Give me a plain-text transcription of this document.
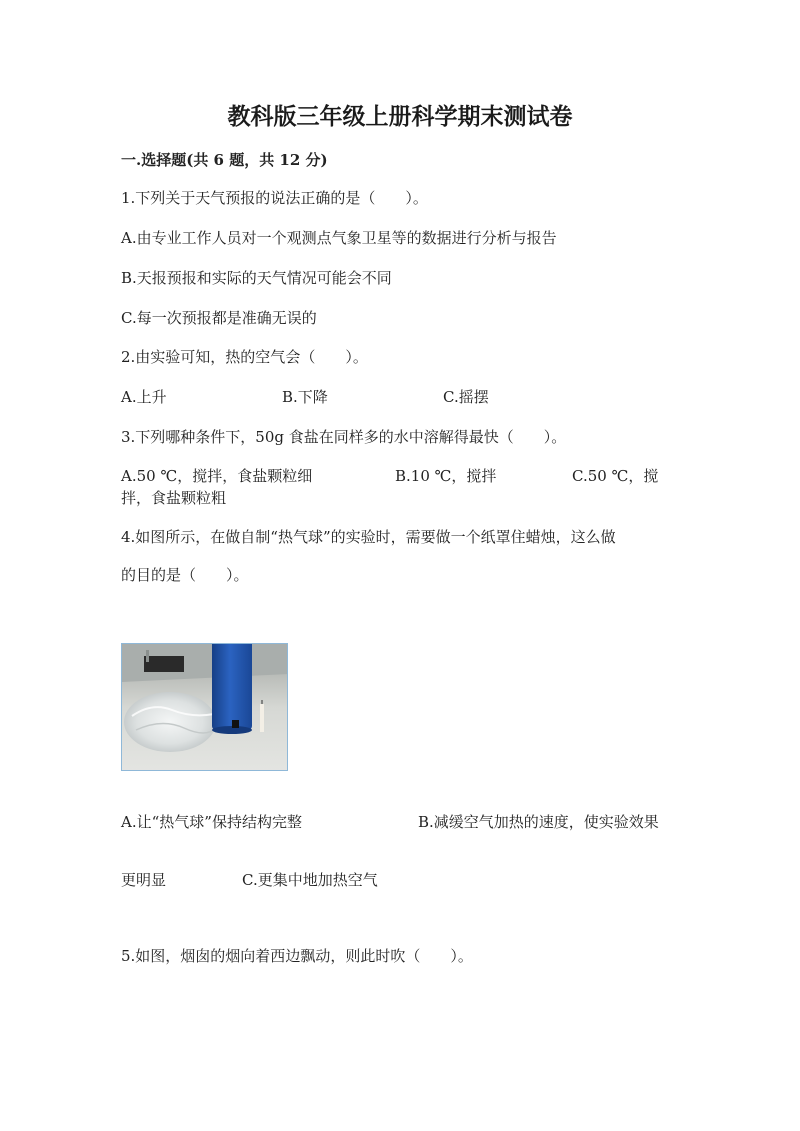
教科版三年级上册科学期末测试卷
一.选择题(共 6 题，共 12 分)
1.下列关于天气预报的说法正确的是（　　）。
A.由专业工作人员对一个观测点气象卫星等的数据进行分析与报告
B.天报预报和实际的天气情况可能会不同
C.每一次预报都是准确无误的
2.由实验可知，热的空气会（　　）。
A.上升	B.下降	C.摇摆
3.下列哪种条件下，50g 食盐在同样多的水中溶解得最快（　　）。
A.50 ℃，搅拌，食盐颗粒细	B.10 ℃，搅拌	C.50 ℃，搅
拌，食盐颗粒粗
4.如图所示，在做自制“热气球”的实验时，需要做一个纸罩住蜡烛，这么做
的目的是（　　）。
A.让“热气球”保持结构完整	B.减缓空气加热的速度，使实验效果
更明显	C.更集中地加热空气
5.如图，烟囱的烟向着西边飘动，则此时吹（　　）。
